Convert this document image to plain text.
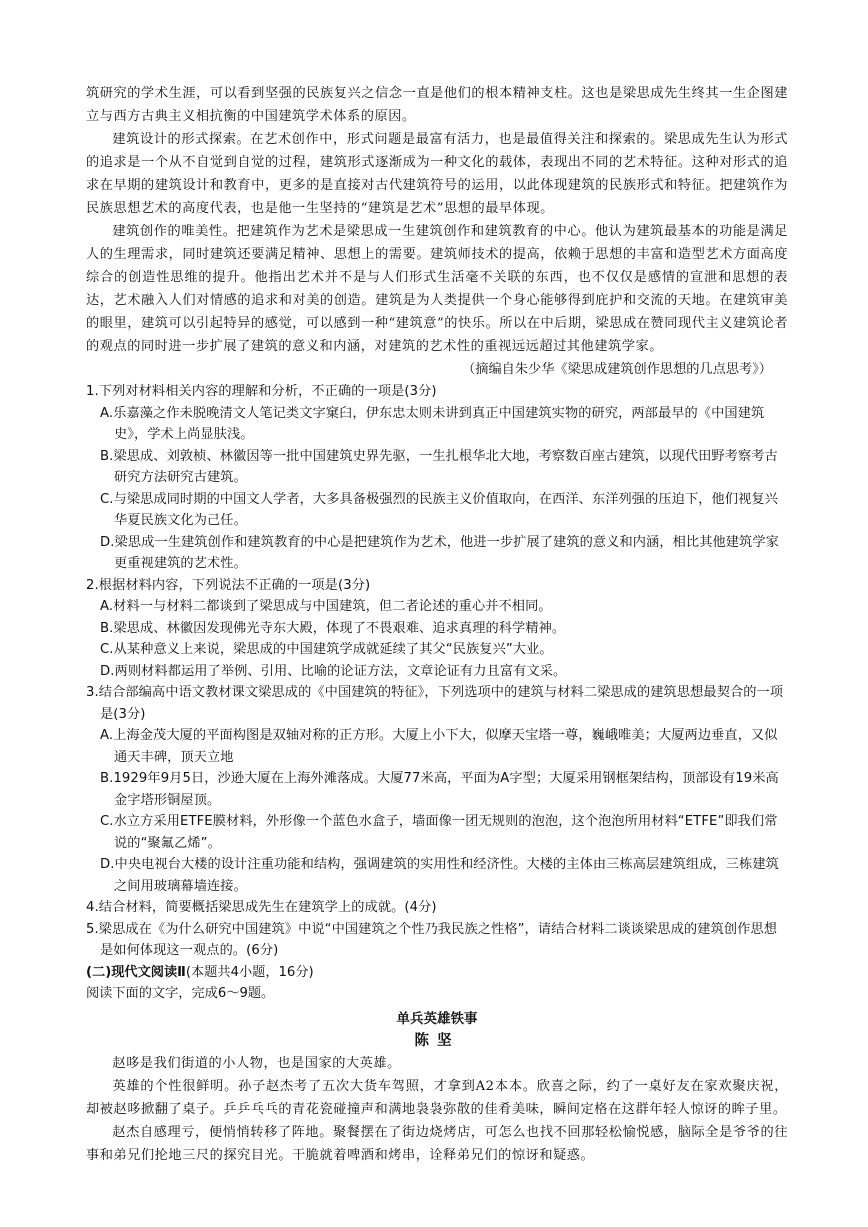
筑研究的学术生涯，可以看到坚强的民族复兴之信念一直是他们的根本精神支柱。这也是梁思成先生终其一生企图建立与西方古典主义相抗衡的中国建筑学术体系的原因。

建筑设计的形式探索。在艺术创作中，形式问题是最富有活力，也是最值得关注和探索的。梁思成先生认为形式的追求是一个从不自觉到自觉的过程，建筑形式逐渐成为一种文化的载体，表现出不同的艺术特征。这种对形式的追求在早期的建筑设计和教育中，更多的是直接对古代建筑符号的运用，以此体现建筑的民族形式和特征。把建筑作为民族思想艺术的高度代表，也是他一生坚持的“建筑是艺术”思想的最早体现。

建筑创作的唯美性。把建筑作为艺术是梁思成一生建筑创作和建筑教育的中心。他认为建筑最基本的功能是满足人的生理需求，同时建筑还要满足精神、思想上的需要。建筑师技术的提高，依赖于思想的丰富和造型艺术方面高度综合的创造性思维的提升。他指出艺术并不是与人们形式生活毫不关联的东西，也不仅仅是感情的宣泄和思想的表达，艺术融入人们对情感的追求和对美的创造。建筑是为人类提供一个身心能够得到庇护和交流的天地。在建筑审美的眼里，建筑可以引起特异的感觉，可以感到一种“建筑意”的快乐。所以在中后期，梁思成在赞同现代主义建筑论者的观点的同时进一步扩展了建筑的意义和内涵，对建筑的艺术性的重视远远超过其他建筑学家。

（摘编自朱少华《梁思成建筑创作思想的几点思考》）

1.下列对材料相关内容的理解和分析，不正确的一项是(3分)

A.乐嘉藻之作未脱晚清文人笔记类文字窠臼，伊东忠太则未讲到真正中国建筑实物的研究，两部最早的《中国建筑史》，学术上尚显肤浅。

B.梁思成、刘敦桢、林徽因等一批中国建筑史界先驱，一生扎根华北大地，考察数百座古建筑，以现代田野考察考古研究方法研究古建筑。

C.与梁思成同时期的中国文人学者，大多具备极强烈的民族主义价值取向，在西洋、东洋列强的压迫下，他们视复兴华夏民族文化为己任。

D.梁思成一生建筑创作和建筑教育的中心是把建筑作为艺术，他进一步扩展了建筑的意义和内涵，相比其他建筑学家更重视建筑的艺术性。

2.根据材料内容，下列说法不正确的一项是(3分)

A.材料一与材料二都谈到了梁思成与中国建筑，但二者论述的重心并不相同。

B.梁思成、林徽因发现佛光寺东大殿，体现了不畏艰难、追求真理的科学精神。

C.从某种意义上来说，梁思成的中国建筑学成就延续了其父“民族复兴”大业。

D.两则材料都运用了举例、引用、比喻的论证方法，文章论证有力且富有文采。

3.结合部编高中语文教材课文梁思成的《中国建筑的特征》，下列选项中的建筑与材料二梁思成的建筑思想最契合的一项是(3分)

A.上海金茂大厦的平面构图是双轴对称的正方形。大厦上小下大，似摩天宝塔一尊，巍峨唯美；大厦两边垂直，又似通天丰碑，顶天立地

B.1929年9月5日，沙逊大厦在上海外滩落成。大厦77米高，平面为A字型；大厦采用钢框架结构，顶部设有19米高金字塔形铜屋顶。

C.水立方采用ETFE膜材料，外形像一个蓝色水盒子，墙面像一团无规则的泡泡，这个泡泡所用材料“ETFE”即我们常说的“聚氟乙烯”。

D.中央电视台大楼的设计注重功能和结构，强调建筑的实用性和经济性。大楼的主体由三栋高层建筑组成，三栋建筑之间用玻璃幕墙连接。

4.结合材料，简要概括梁思成先生在建筑学上的成就。(4分)

5.梁思成在《为什么研究中国建筑》中说“中国建筑之个性乃我民族之性格”，请结合材料二谈谈梁思成的建筑创作思想是如何体现这一观点的。(6分)

(二)现代文阅读Ⅱ(本题共4小题，16分)
阅读下面的文字，完成6～9题。
单兵英雄铁事
陈坚

赵哆是我们街道的小人物，也是国家的大英雄。

英雄的个性很鲜明。孙子赵杰考了五次大货车驾照，才拿到A2本本。欣喜之际，约了一桌好友在家欢聚庆祝，却被赵哆掀翻了桌子。乒乒乓乓的青花瓷碰撞声和满地袅袅弥散的佳肴美味，瞬间定格在这群年轻人惊讶的眸子里。

赵杰自感理亏，便悄悄转移了阵地。聚餐摆在了街边烧烤店，可怎么也找不回那轻松愉悦感，脑际全是爷爷的往事和弟兄们抡地三尺的探究目光。干脆就着啤酒和烤串，诠释弟兄们的惊讶和疑惑。
